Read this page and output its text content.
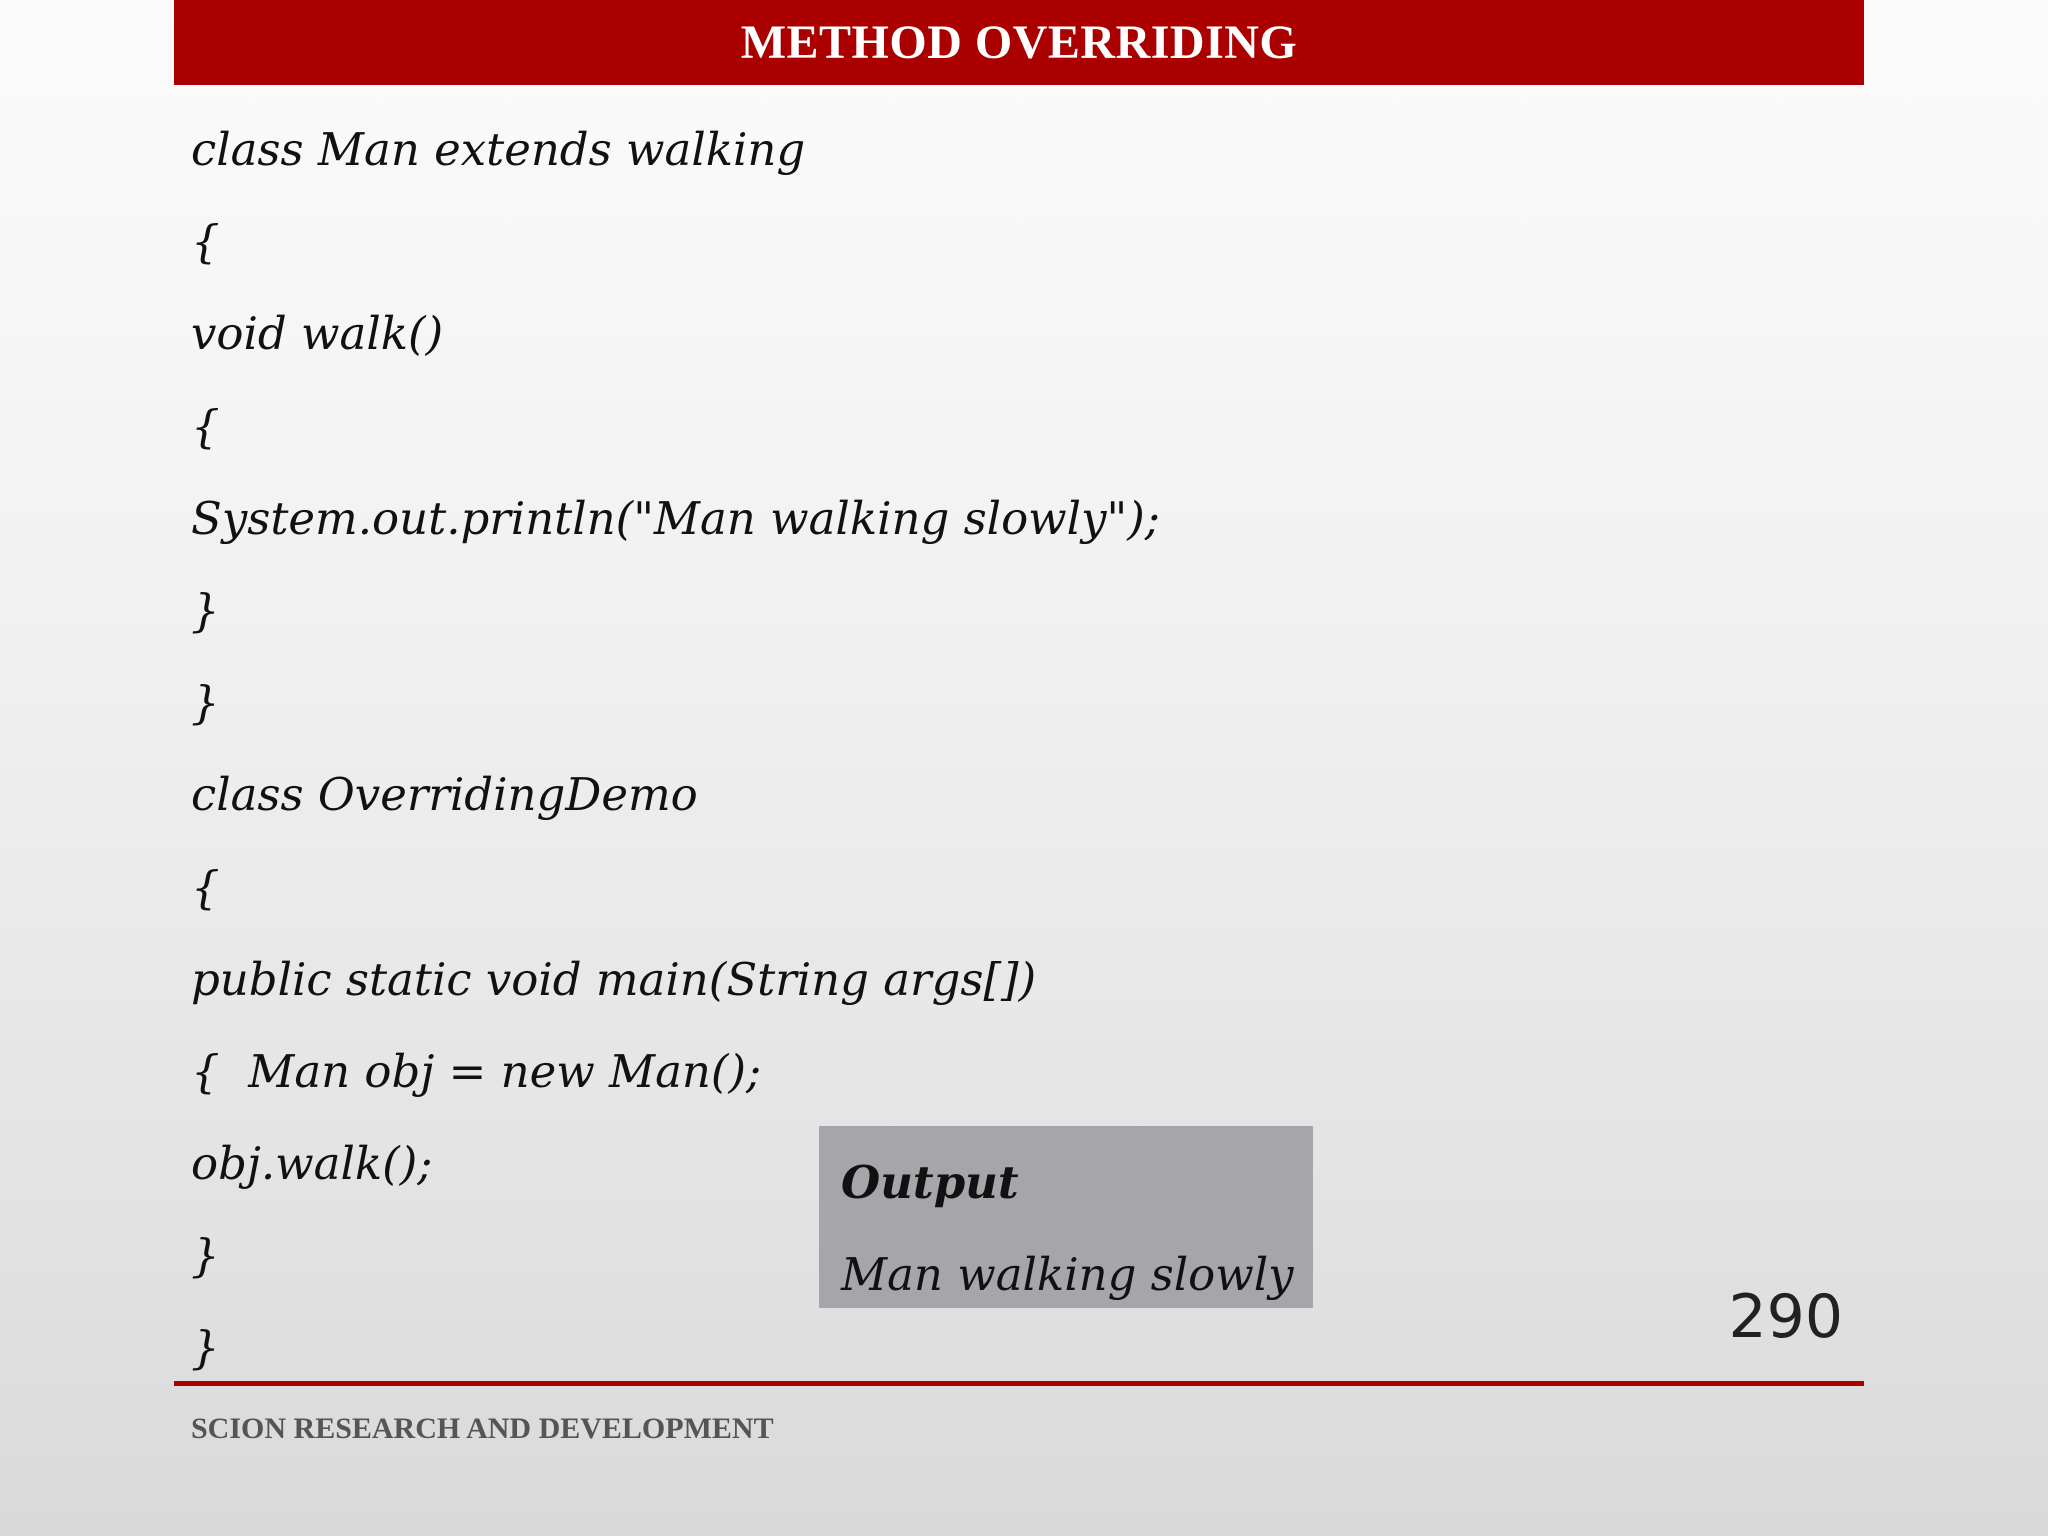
METHOD OVERRIDING
class Man extends walking
{
void walk()
{
System.out.println("Man walking slowly");
}
}
class OverridingDemo
{
public static void main(String args[])
{  Man obj = new Man();
obj.walk();
}
}
Output
Man walking slowly
290
SCION RESEARCH AND DEVELOPMENT
